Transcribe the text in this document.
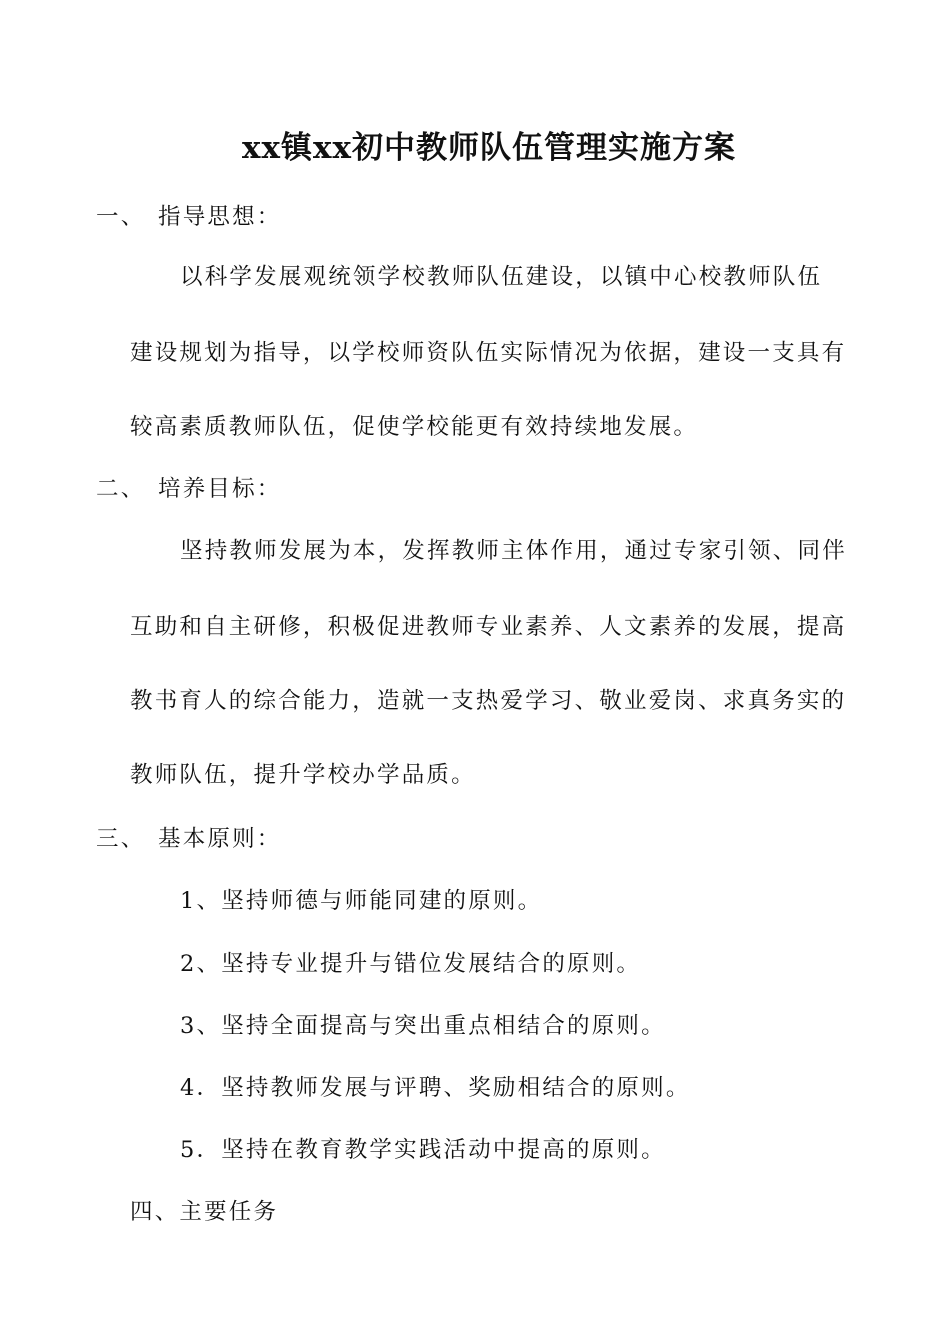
xx镇xx初中教师队伍管理实施方案
一、 指导思想：

以科学发展观统领学校教师队伍建设，以镇中心校教师队伍

建设规划为指导，以学校师资队伍实际情况为依据，建设一支具有

较高素质教师队伍，促使学校能更有效持续地发展。

二、 培养目标：

坚持教师发展为本，发挥教师主体作用，通过专家引领、同伴

互助和自主研修，积极促进教师专业素养、人文素养的发展，提高

教书育人的综合能力，造就一支热爱学习、敬业爱岗、求真务实的

教师队伍，提升学校办学品质。

三、 基本原则：

1、坚持师德与师能同建的原则。

2、坚持专业提升与错位发展结合的原则。

3、坚持全面提高与突出重点相结合的原则。

4．坚持教师发展与评聘、奖励相结合的原则。

5．坚持在教育教学实践活动中提高的原则。

四、主要任务
